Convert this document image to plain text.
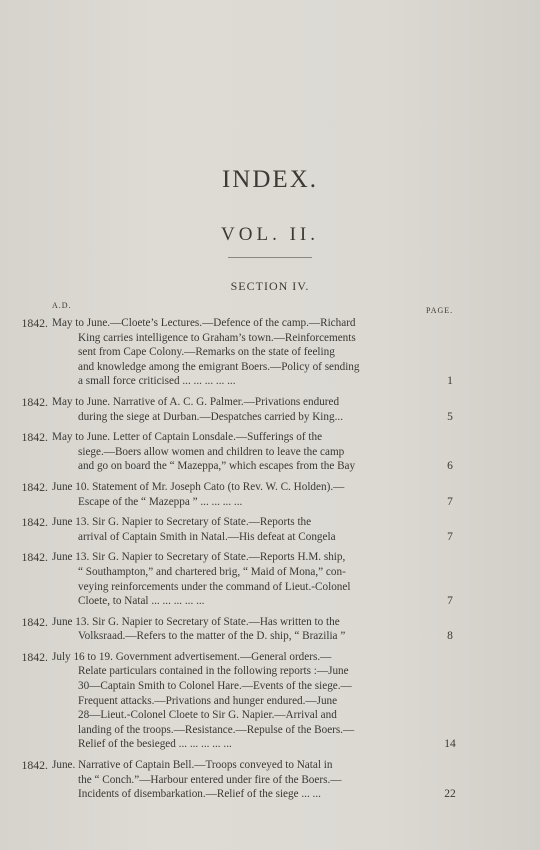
INDEX.
VOL. II.
SECTION IV.
A.D.
PAGE.
1842. May to June.—Cloete’s Lectures.—Defence of the camp.—Richard
King carries intelligence to Graham’s town.—Reinforcements
sent from Cape Colony.—Remarks on the state of feeling
and knowledge among the emigrant Boers.—Policy of sending
a small force criticised ... ... ... ... ...	1
1842. May to June. Narrative of A. C. G. Palmer.—Privations endured
during the siege at Durban.—Despatches carried by King...	5
1842. May to June. Letter of Captain Lonsdale.—Sufferings of the
siege.—Boers allow women and children to leave the camp
and go on board the “ Mazeppa,” which escapes from the Bay	6
1842. June 10. Statement of Mr. Joseph Cato (to Rev. W. C. Holden).—
Escape of the “ Mazeppa ” ... ... ... ...	7
1842. June 13. Sir G. Napier to Secretary of State.—Reports the
arrival of Captain Smith in Natal.—His defeat at Congela	7
1842. June 13. Sir G. Napier to Secretary of State.—Reports H.M. ship,
“ Southampton,” and chartered brig, “ Maid of Mona,” con-
veying reinforcements under the command of Lieut.-Colonel
Cloete, to Natal ... ... ... ... ...	7
1842. June 13. Sir G. Napier to Secretary of State.—Has written to the
Volksraad.—Refers to the matter of the D. ship, “ Brazilia ”	8
1842. July 16 to 19. Government advertisement.—General orders.—
Relate particulars contained in the following reports :—June
30—Captain Smith to Colonel Hare.—Events of the siege.—
Frequent attacks.—Privations and hunger endured.—June
28—Lieut.-Colonel Cloete to Sir G. Napier.—Arrival and
landing of the troops.—Resistance.—Repulse of the Boers.—
Relief of the besieged ... ... ... ... ...	14
1842. June. Narrative of Captain Bell.—Troops conveyed to Natal in
the “ Conch.”—Harbour entered under fire of the Boers.—
Incidents of disembarkation.—Relief of the siege ... ...	22
